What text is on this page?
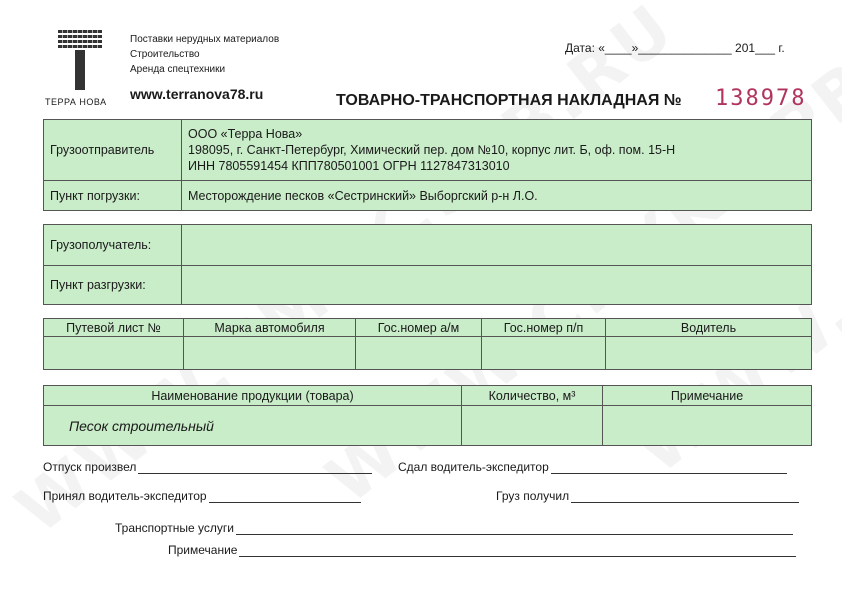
ТЕРРА НОВА
Поставки нерудных материалов
Строительство
Аренда спецтехники
www.terranova78.ru
Дата: «____»______________ 201___ г.
ТОВАРНО-ТРАНСПОРТНАЯ НАКЛАДНАЯ № 138978
Грузоотправитель	ООО «Терра Нова»
198095, г. Санкт-Петербург, Химический пер. дом №10, корпус лит. Б, оф. пом. 15-Н
ИНН 7805591454 КПП780501001 ОГРН 1127847313010

Пункт погрузки:	Месторождение песков «Сестринский» Выборгский р-н Л.О.
Грузополучатель:	
Пункт разгрузки:	
Путевой лист №	Марка автомобиля	Гос.номер а/м	Гос.номер п/п	Водитель

Наименование продукции (товара)	Количество, м³	Примечание
Песок строительный		
Отпуск произвел	Сдал водитель-экспедитор
Принял водитель-экспедитор	Груз получил
Транспортные услуги
Примечание
